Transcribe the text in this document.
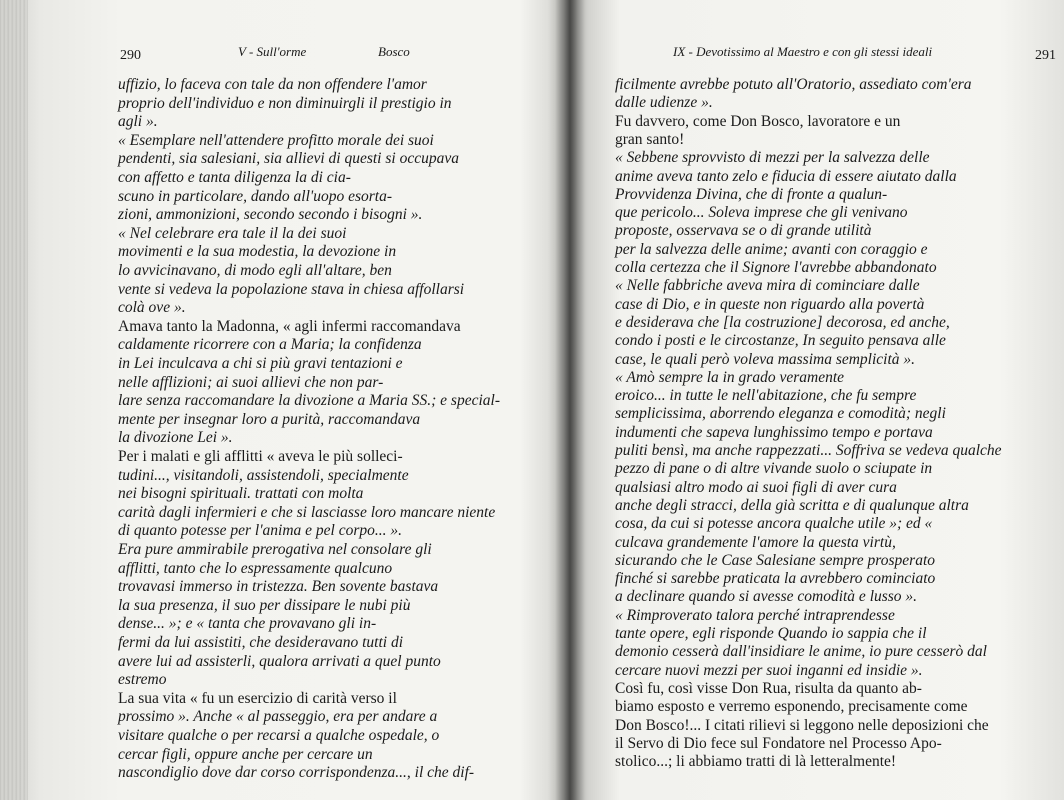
290	V - Sull'orme	Bosco
uffizio, lo faceva con tale da non offendere l'amor
proprio dell'individuo e non diminuirgli il prestigio in
agli ».
« Esemplare nell'attendere profitto morale dei suoi
pendenti, sia salesiani, sia allievi di questi si occupava
con affetto e tanta diligenza la di cia-
scuno in particolare, dando all'uopo esorta-
zioni, ammonizioni, secondo secondo i bisogni ».
« Nel celebrare era tale il la dei suoi
movimenti e la sua modestia, la devozione in
lo avvicinavano, di modo egli all'altare, ben
vente si vedeva la popolazione stava in chiesa affollarsi
colà ove ».
Amava tanto la Madonna, « agli infermi raccomandava
caldamente ricorrere con a Maria; la confidenza
in Lei inculcava a chi si più gravi tentazioni e
nelle afflizioni; ai suoi allievi che non par-
lare senza raccomandare la divozione a Maria SS.; e special-
mente per insegnar loro a purità, raccomandava
la divozione Lei ».
Per i malati e gli afflitti « aveva le più solleci-
tudini..., visitandoli, assistendoli, specialmente
nei bisogni spirituali. trattati con molta
carità dagli infermieri e che si lasciasse loro mancare niente
di quanto potesse per l'anima e pel corpo... ».
Era pure ammirabile prerogativa nel consolare gli
afflitti, tanto che lo espressamente qualcuno
trovavasi immerso in tristezza. Ben sovente bastava
la sua presenza, il suo per dissipare le nubi più
dense... »; e « tanta che provavano gli in-
fermi da lui assistiti, che desideravano tutti di
avere lui ad assisterli, qualora arrivati a quel punto
estremo
La sua vita « fu un esercizio di carità verso il
prossimo ». Anche « al passeggio, era per andare a
visitare qualche o per recarsi a qualche ospedale, o
cercar figli, oppure anche per cercare un
nascondiglio dove dar corso corrispondenza..., il che dif-
IX - Devotissimo al Maestro e con gli stessi ideali	291
ficilmente avrebbe potuto all'Oratorio, assediato com'era
dalle udienze ».
Fu davvero, come Don Bosco, lavoratore e un
gran santo!
« Sebbene sprovvisto di mezzi per la salvezza delle
anime aveva tanto zelo e fiducia di essere aiutato dalla
Provvidenza Divina, che di fronte a qualun-
que pericolo... Soleva imprese che gli venivano
proposte, osservava se o di grande utilità
per la salvezza delle anime; avanti con coraggio e
colla certezza che il Signore l'avrebbe abbandonato
« Nelle fabbriche aveva mira di cominciare dalle
case di Dio, e in queste non riguardo alla povertà
e desiderava che [la costruzione] decorosa, ed anche,
condo i posti e le circostanze, In seguito pensava alle
case, le quali però voleva massima semplicità ».
« Amò sempre la in grado veramente
eroico... in tutte le nell'abitazione, che fu sempre
semplicissima, aborrendo eleganza e comodità; negli
indumenti che sapeva lunghissimo tempo e portava
puliti bensì, ma anche rappezzati... Soffriva se vedeva qualche
pezzo di pane o di altre vivande suolo o sciupate in
qualsiasi altro modo ai suoi figli di aver cura
anche degli stracci, della già scritta e di qualunque altra
cosa, da cui si potesse ancora qualche utile »; ed «
culcava grandemente l'amore la questa virtù,
sicurando che le Case Salesiane sempre prosperato
finché si sarebbe praticata la avrebbero cominciato
a declinare quando si avesse comodità e lusso ».
« Rimproverato talora perché intraprendesse
tante opere, egli risponde Quando io sappia che il
demonio cesserà dall'insidiare le anime, io pure cesserò dal
cercare nuovi mezzi per suoi inganni ed insidie ».
Così fu, così visse Don Rua, risulta da quanto ab-
biamo esposto e verremo esponendo, precisamente come
Don Bosco!... I citati rilievi si leggono nelle deposizioni che
il Servo di Dio fece sul Fondatore nel Processo Apo-
stolico...; li abbiamo tratti di là letteralmente!
